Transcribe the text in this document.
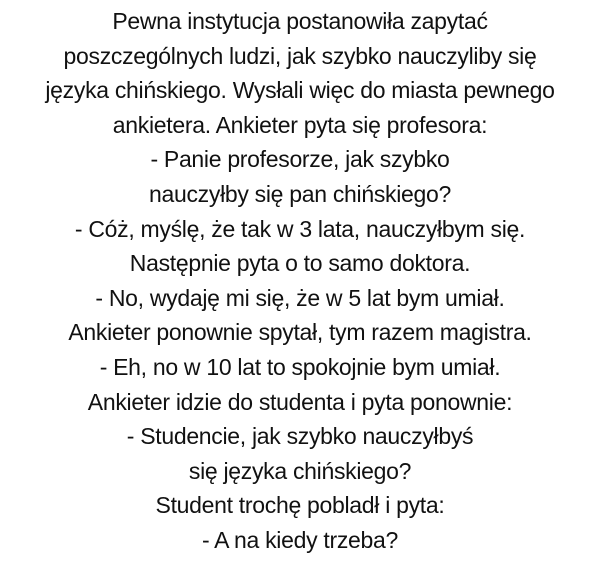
Pewna instytucja postanowiła zapytać
poszczególnych ludzi, jak szybko nauczyliby się
języka chińskiego. Wysłali więc do miasta pewnego
ankietera. Ankieter pyta się profesora:
- Panie profesorze, jak szybko
nauczyłby się pan chińskiego?
- Cóż, myślę, że tak w 3 lata, nauczyłbym się.
Następnie pyta o to samo doktora.
- No, wydaję mi się, że w 5 lat bym umiał.
Ankieter ponownie spytał, tym razem magistra.
- Eh, no w 10 lat to spokojnie bym umiał.
Ankieter idzie do studenta i pyta ponownie:
- Studencie, jak szybko nauczyłbyś
się języka chińskiego?
Student trochę pobladł i pyta:
- A na kiedy trzeba?
